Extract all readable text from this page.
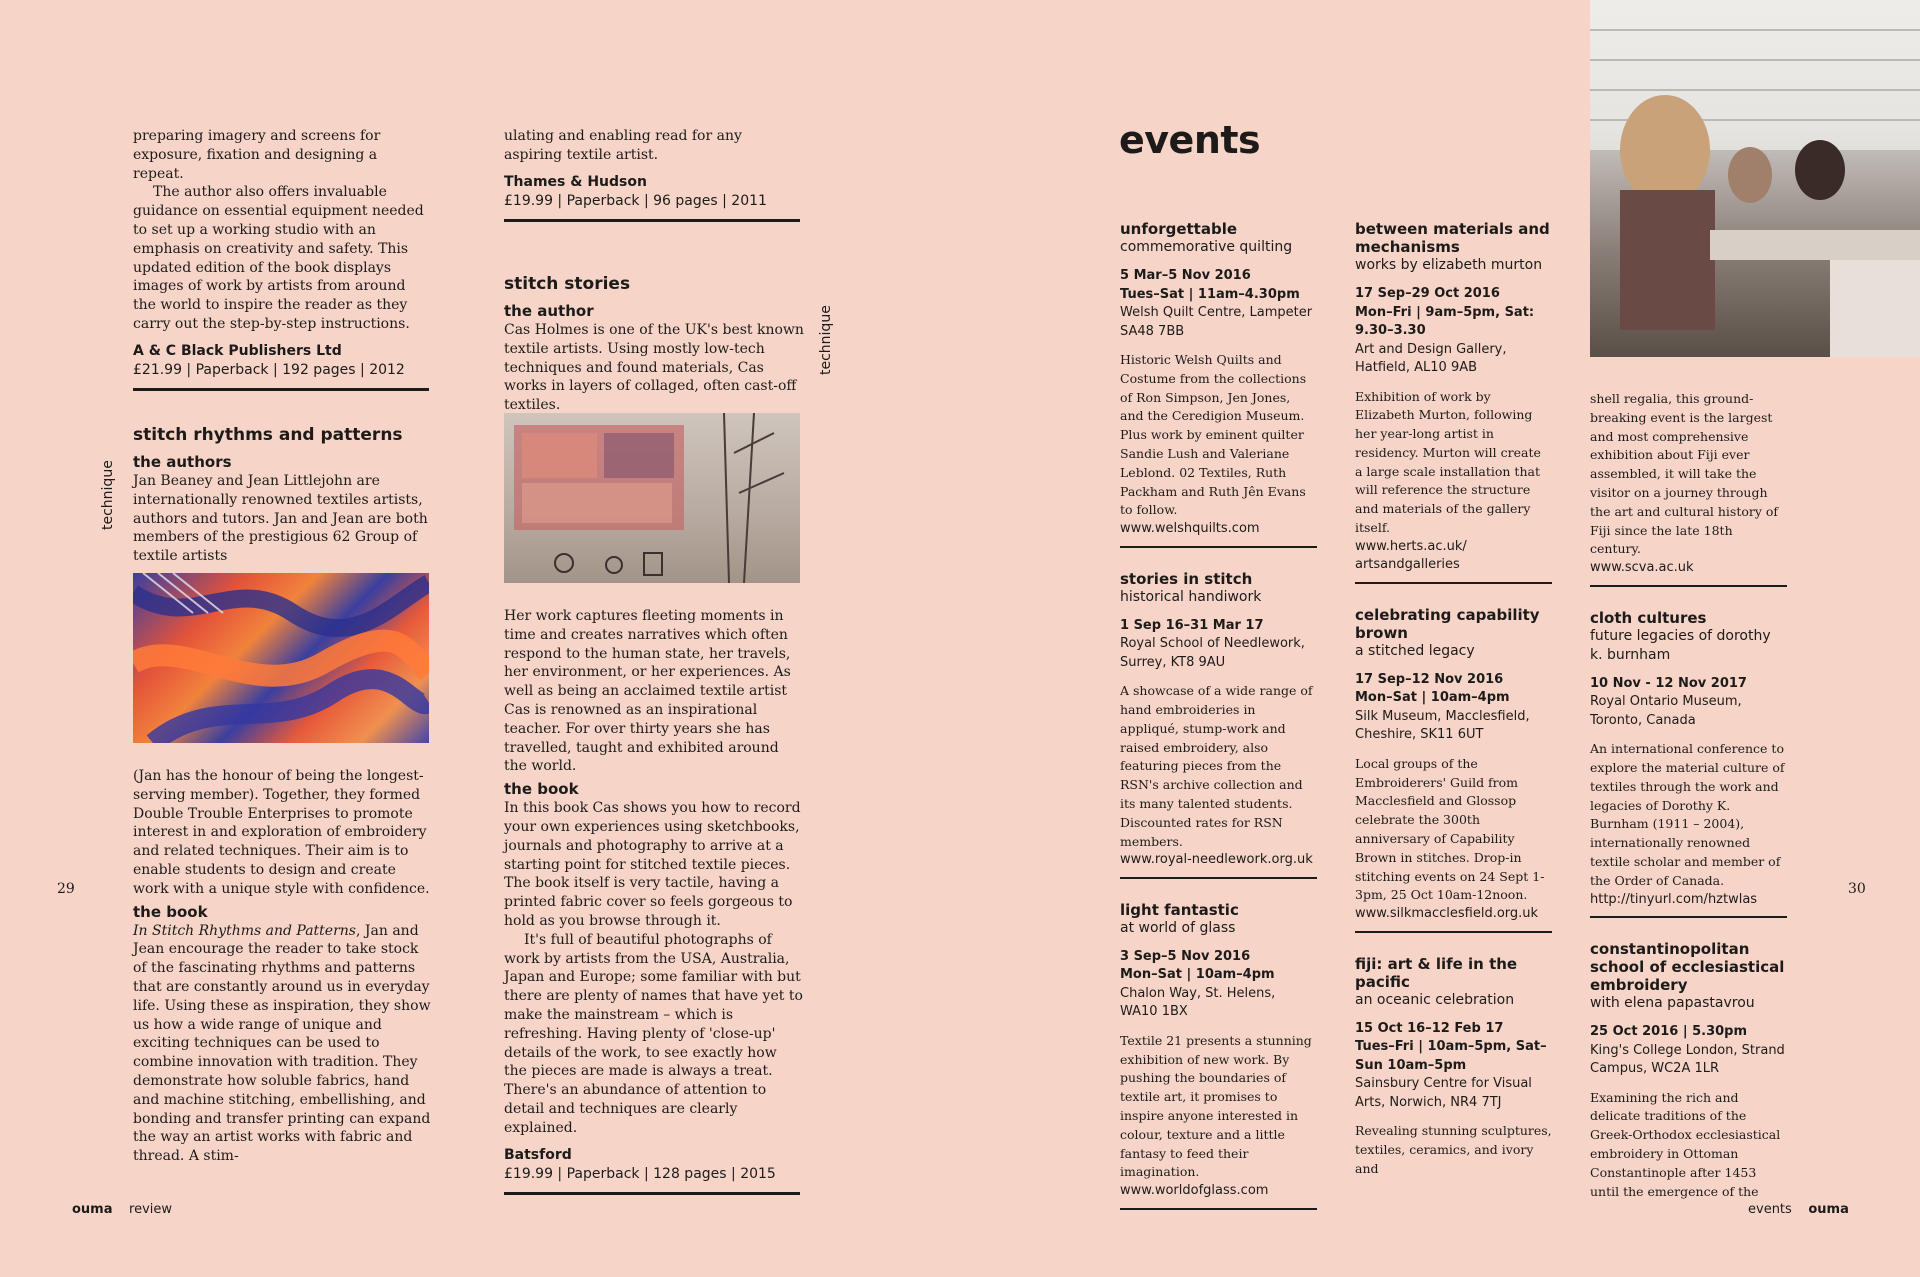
technique
technique

preparing imagery and screens for exposure, fixation and designing a repeat.

The author also offers invaluable guidance on essential equipment needed to set up a working studio with an emphasis on creativity and safety. This updated edition of the book displays images of work by artists from around the world to inspire the reader as they carry out the step-by-step instructions.

A & C Black Publishers Ltd
£21.99 | Paperback | 192 pages | 2012
stitch rhythms and patterns
the authors

Jan Beaney and Jean Littlejohn are internationally renowned textiles artists, authors and tutors. Jan and Jean are both members of the prestigious 62 Group of textile artists

(Jan has the honour of being the longest-serving member). Together, they formed Double Trouble Enterprises to promote interest in and exploration of embroidery and related techniques. Their aim is to enable students to design and create work with a unique style with confidence.

the book

In Stitch Rhythms and Patterns, Jan and Jean encourage the reader to take stock of the fascinating rhythms and patterns that are constantly around us in everyday life. Using these as inspiration, they show us how a wide range of unique and exciting techniques can be used to combine innovation with tradition. They demonstrate how soluble fabrics, hand and machine stitching, embellishing, and bonding and transfer printing can expand the way an artist works with fabric and thread. A stim-

ulating and enabling read for any aspiring textile artist.

Thames & Hudson
£19.99 | Paperback | 96 pages | 2011
stitch stories
the author

Cas Holmes is one of the UK's best known textile artists. Using mostly low-tech techniques and found materials, Cas works in layers of collaged, often cast-off textiles.

Her work captures fleeting moments in time and creates narratives which often respond to the human state, her travels, her environment, or her experiences. As well as being an acclaimed textile artist Cas is renowned as an inspirational teacher. For over thirty years she has travelled, taught and exhibited around the world.

the book

In this book Cas shows you how to record your own experiences using sketchbooks, journals and photography to arrive at a starting point for stitched textile pieces. The book itself is very tactile, having a printed fabric cover so feels gorgeous to hold as you browse through it.

It's full of beautiful photographs of work by artists from the USA, Australia, Japan and Europe; some familiar with but there are plenty of names that have yet to make the mainstream – which is refreshing. Having plenty of 'close-up' details of the work, to see exactly how the pieces are made is always a treat. There's an abundance of attention to detail and techniques are clearly explained.

Batsford
£19.99 | Paperback | 128 pages | 2015
29
ouma review
events
unforgettable
commemorative quilting
5 Mar–5 Nov 2016
Tues–Sat | 11am–4.30pm
Welsh Quilt Centre, Lampeter SA48 7BB
Historic Welsh Quilts and Costume from the collections of Ron Simpson, Jen Jones, and the Ceredigion Museum. Plus work by eminent quilter Sandie Lush and Valeriane Leblond. 02 Textiles, Ruth Packham and Ruth Jên Evans to follow.
www.welshquilts.com
stories in stitch
historical handiwork
1 Sep 16–31 Mar 17
Royal School of Needlework, Surrey, KT8 9AU
A showcase of a wide range of hand embroideries in appliqué, stump-work and raised embroidery, also featuring pieces from the RSN's archive collection and its many talented students. Discounted rates for RSN members.
www.royal-needlework.org.uk
light fantastic
at world of glass
3 Sep–5 Nov 2016
Mon–Sat | 10am–4pm
Chalon Way, St. Helens, WA10 1BX
Textile 21 presents a stunning exhibition of new work. By pushing the boundaries of textile art, it promises to inspire anyone interested in colour, texture and a little fantasy to feed their imagination.
www.worldofglass.com
between materials and mechanisms
works by elizabeth murton
17 Sep–29 Oct 2016
Mon–Fri | 9am–5pm, Sat: 9.30–3.30
Art and Design Gallery, Hatfield, AL10 9AB
Exhibition of work by Elizabeth Murton, following her year-long artist in residency. Murton will create a large scale installation that will reference the structure and materials of the gallery itself.
www.herts.ac.uk/ artsandgalleries
celebrating capability brown
a stitched legacy
17 Sep–12 Nov 2016
Mon–Sat | 10am–4pm
Silk Museum, Macclesfield, Cheshire, SK11 6UT
Local groups of the Embroiderers' Guild from Macclesfield and Glossop celebrate the 300th anniversary of Capability Brown in stitches. Drop-in stitching events on 24 Sept 1-3pm, 25 Oct 10am-12noon.
www.silkmacclesfield.org.uk
fiji: art & life in the pacific
an oceanic celebration
15 Oct 16–12 Feb 17
Tues–Fri | 10am–5pm, Sat–Sun 10am–5pm
Sainsbury Centre for Visual Arts, Norwich, NR4 7TJ
Revealing stunning sculptures, textiles, ceramics, and ivory and
shell regalia, this ground-breaking event is the largest and most comprehensive exhibition about Fiji ever assembled, it will take the visitor on a journey through the art and cultural history of Fiji since the late 18th century.
www.scva.ac.uk
cloth cultures
future legacies of dorothy k. burnham
10 Nov - 12 Nov 2017
Royal Ontario Museum, Toronto, Canada
An international conference to explore the material culture of textiles through the work and legacies of Dorothy K. Burnham (1911 – 2004), internationally renowned textile scholar and member of the Order of Canada.
http://tinyurl.com/hztwlas
constantinopolitan school of ecclesiastical embroidery
with elena papastavrou
25 Oct 2016 | 5.30pm
King's College London, Strand Campus, WC2A 1LR
Examining the rich and delicate traditions of the Greek-Orthodox ecclesiastical embroidery in Ottoman Constantinople after 1453 until the emergence of the
30
events ouma
